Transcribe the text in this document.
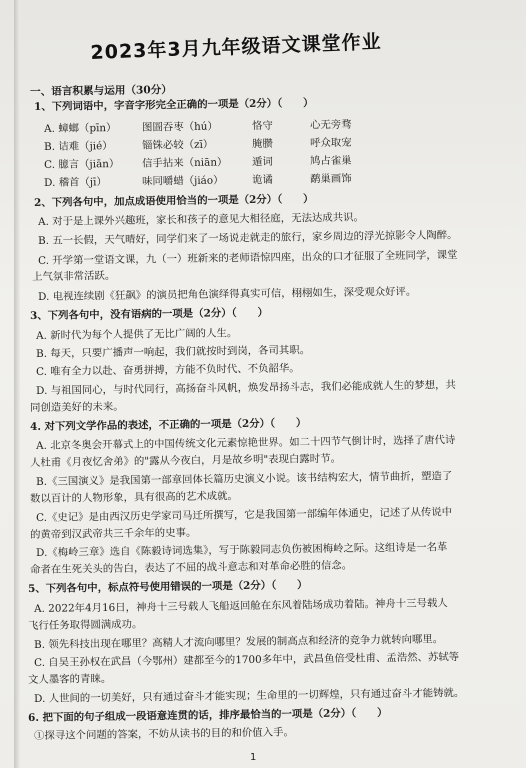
2023年3月九年级语文课堂作业
一、语言积累与运用（30分）
1、下列词语中，字音字形完全正确的一项是（2分）（　　）
A. 蟑螂（pīn） 图圄吞枣（hú）	恪守	心无旁骛
B. 诘难（jié）	锱铢必较（zī）	腌臜	呼众取宠
C. 臆言（jiān） 信手拈来（niān） 遁词	鸠占雀巢
D. 稽首（jī）	味同嚼蜡（jiáo）	诡谲	鹬巢画饰
2、下列各句中，加点成语使用恰当的一项是（2分）（　　）
A. 对于是上课外兴趣班，家长和孩子的意见大相径庭，无法达成共识。
B. 五一长假，天气晴好，同学们来了一场说走就走的旅行，家乡周边的浮光掠影令人陶醉。
C. 开学第一堂语文课，九（一）班新来的老师语惊四座，出众的口才征服了全班同学，课堂
上气氛非常活跃。
D. 电视连续剧《狂飙》的演员把角色演绎得真实可信，栩栩如生，深受观众好评。
3、下列各句中，没有语病的一项是（2分）（　　）
A. 新时代为每个人提供了无比广阔的人生。
B. 每天，只要广播声一响起，我们就按时到岗，各司其职。
C. 唯有全力以赴、奋勇拼搏，方能不负时代、不负韶华。
D. 与祖国同心，与时代同行，高扬奋斗风帆，焕发昂扬斗志，我们必能成就人生的梦想，共
同创造美好的未来。
4. 对下列文学作品的表述，不正确的一项是（2分）（　　）
A. 北京冬奥会开幕式上的中国传统文化元素惊艳世界。如二十四节气倒计时，选择了唐代诗
人杜甫《月夜忆舍弟》的"露从今夜白，月是故乡明"表现白露时节。
B.《三国演义》是我国第一部章回体长篇历史演义小说。该书结构宏大，情节曲折，塑造了
数以百计的人物形象，具有很高的艺术成就。
C.《史记》是由西汉历史学家司马迁所撰写，它是我国第一部编年体通史，记述了从传说中
的黄帝到汉武帝共三千余年的史事。
D.《梅岭三章》选自《陈毅诗词选集》，写于陈毅同志负伤被困梅岭之际。这组诗是一名革
命者在生死关头的告白，表达了不屈的战斗意志和对革命必胜的信念。
5、下列各句中，标点符号使用错误的一项是（2分）（　　）
A. 2022年4月16日，神舟十三号载人飞船返回舱在东风着陆场成功着陆。神舟十三号载人
飞行任务取得圆满成功。
B. 领先科技出现在哪里？高精人才流向哪里？发展的制高点和经济的竞争力就转向哪里。
C. 自吴王孙权在武昌（今鄂州）建都至今的1700多年中，武昌鱼倍受杜甫、孟浩然、苏轼等
文人墨客的青睐。
D. 人世间的一切美好，只有通过奋斗才能实现；生命里的一切辉煌，只有通过奋斗才能铸就。
6. 把下面的句子组成一段语意连贯的话，排序最恰当的一项是（2分）（　　）
①探寻这个问题的答案，不妨从读书的目的和价值入手。
1
